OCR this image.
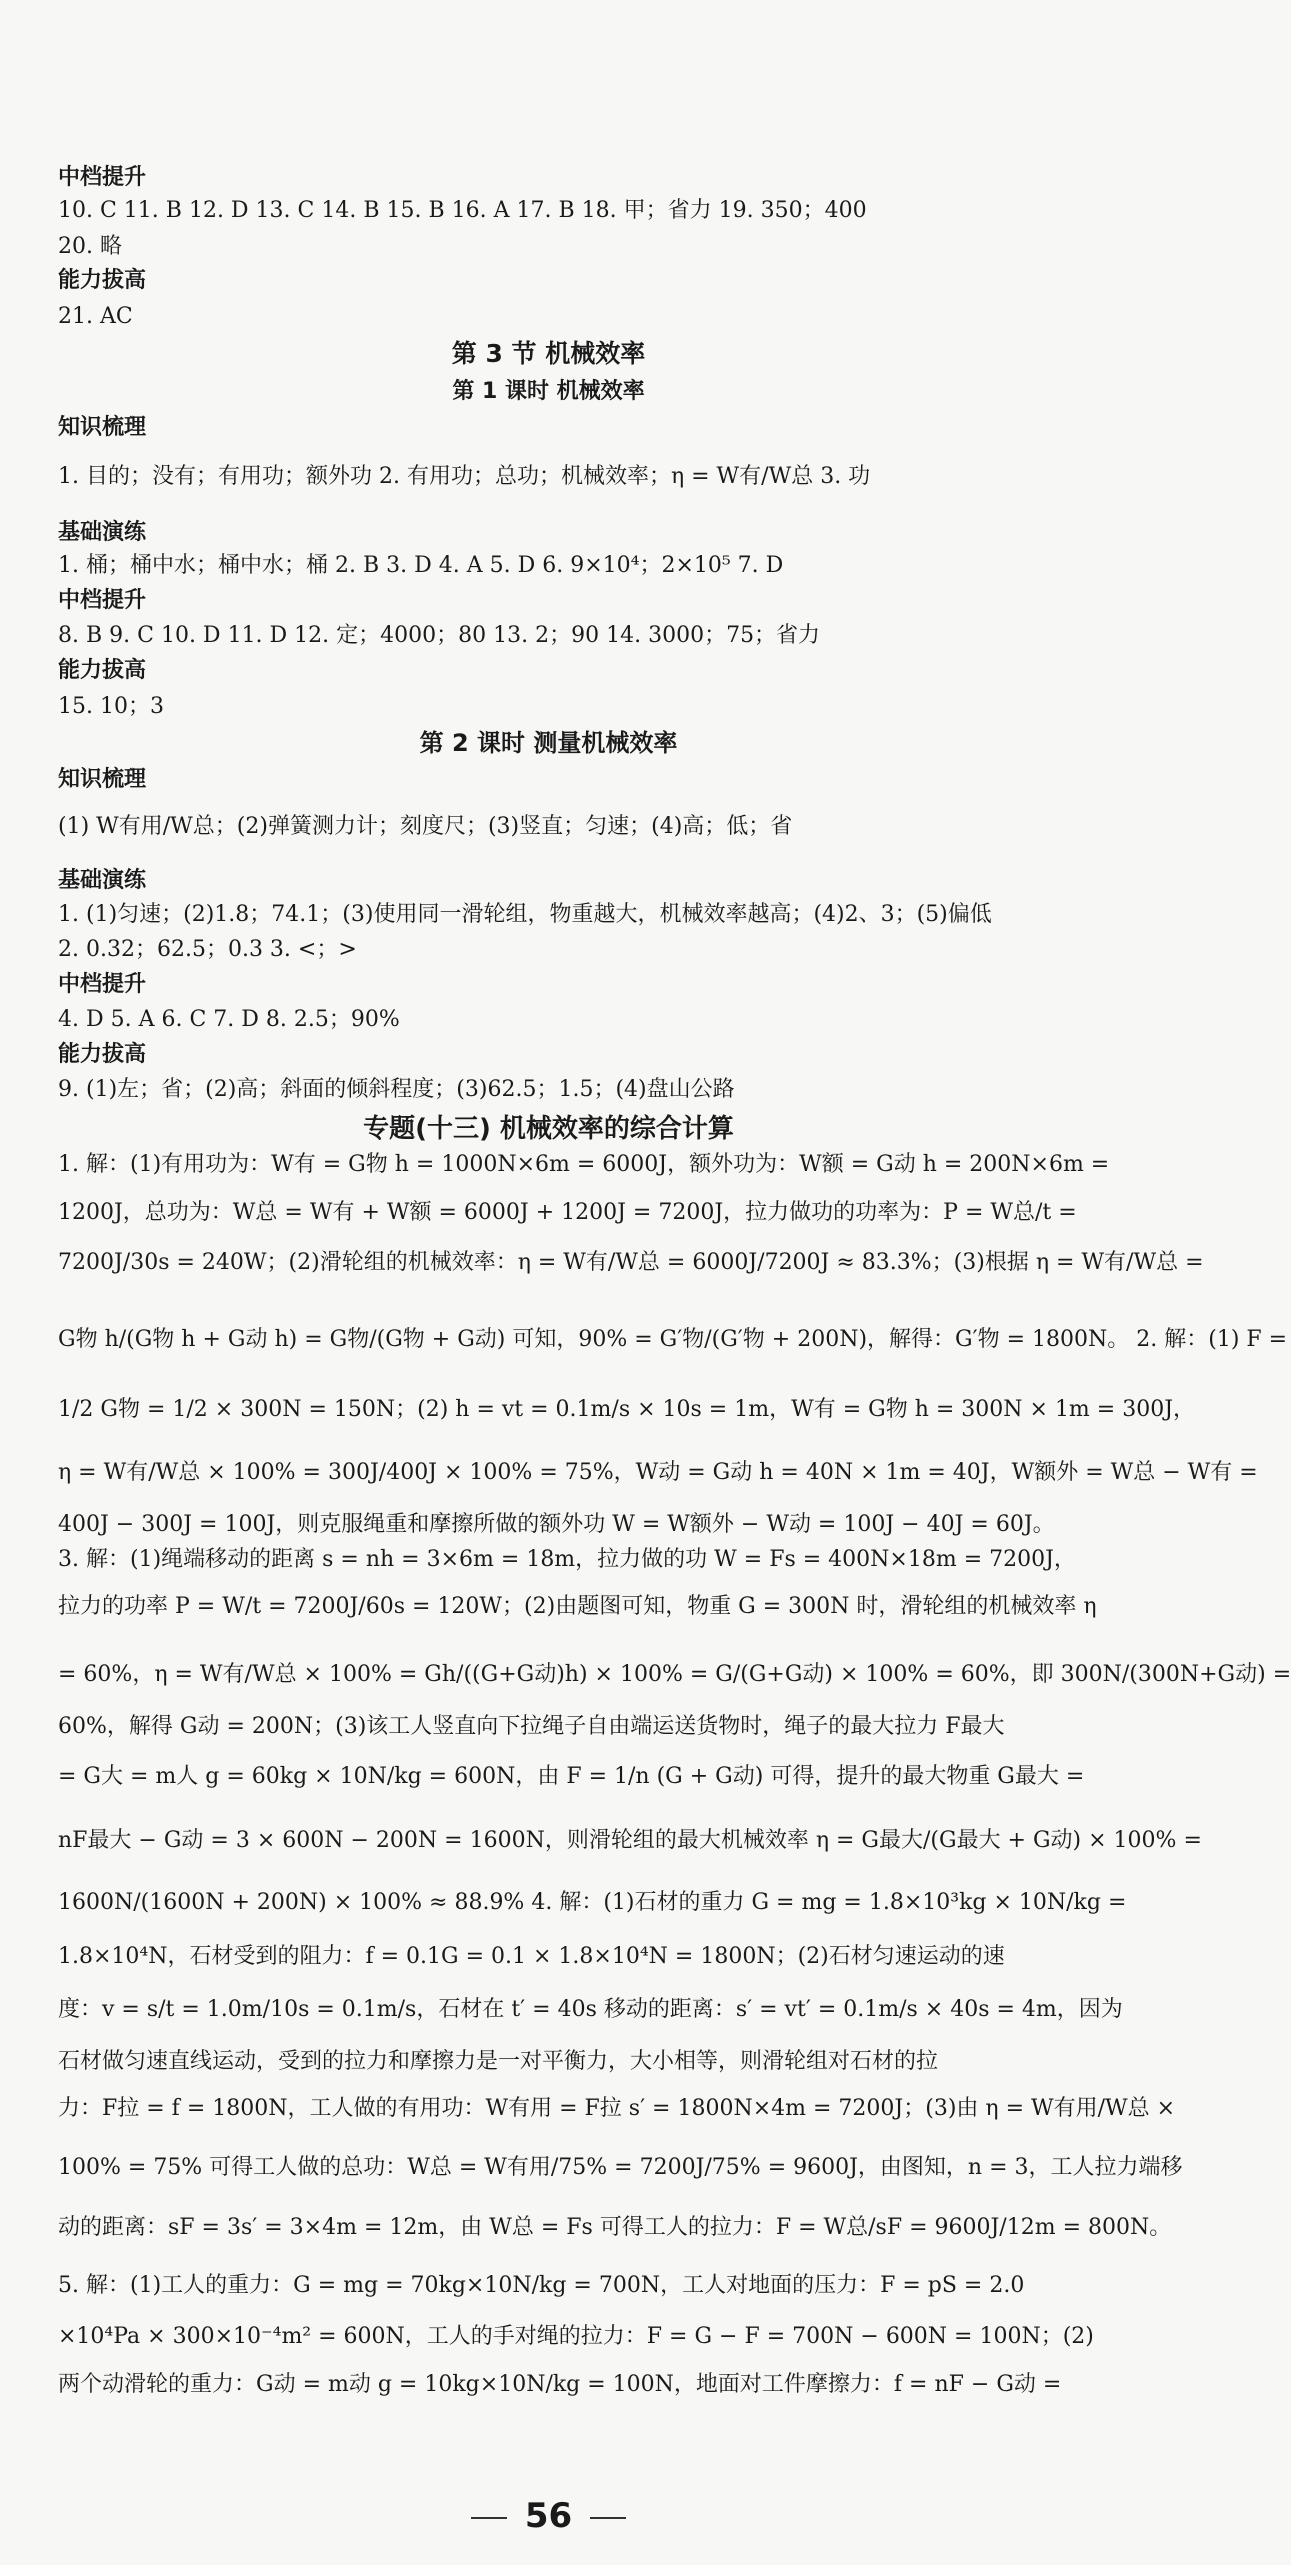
中档提升
10. C 11. B 12. D 13. C 14. B 15. B 16. A 17. B 18. 甲；省力 19. 350；400
20. 略
能力拔高
21. AC
知识梳理
1. 目的；没有；有用功；额外功 2. 有用功；总功；机械效率；η = W有/W总 3. 功
基础演练
1. 桶；桶中水；桶中水；桶 2. B 3. D 4. A 5. D 6. 9×10⁴；2×10⁵ 7. D
中档提升
8. B 9. C 10. D 11. D 12. 定；4000；80 13. 2；90 14. 3000；75；省力
能力拔高
15. 10；3
知识梳理
(1) W有用/W总；(2)弹簧测力计；刻度尺；(3)竖直；匀速；(4)高；低；省
基础演练
1. (1)匀速；(2)1.8；74.1；(3)使用同一滑轮组，物重越大，机械效率越高；(4)2、3；(5)偏低
2. 0.32；62.5；0.3 3. <；>
中档提升
4. D 5. A 6. C 7. D 8. 2.5；90%
能力拔高
9. (1)左；省；(2)高；斜面的倾斜程度；(3)62.5；1.5；(4)盘山公路
1. 解：(1)有用功为：W有 = G物 h = 1000N×6m = 6000J，额外功为：W额 = G动 h = 200N×6m =
1200J，总功为：W总 = W有 + W额 = 6000J + 1200J = 7200J，拉力做功的功率为：P = W总/t =
7200J/30s = 240W；(2)滑轮组的机械效率：η = W有/W总 = 6000J/7200J ≈ 83.3%；(3)根据 η = W有/W总 =
G物 h/(G物 h + G动 h) = G物/(G物 + G动) 可知，90% = G′物/(G′物 + 200N)，解得：G′物 = 1800N。 2. 解：(1) F =
1/2 G物 = 1/2 × 300N = 150N；(2) h = vt = 0.1m/s × 10s = 1m，W有 = G物 h = 300N × 1m = 300J，
η = W有/W总 × 100% = 300J/400J × 100% = 75%，W动 = G动 h = 40N × 1m = 40J，W额外 = W总 − W有 =
400J − 300J = 100J，则克服绳重和摩擦所做的额外功 W = W额外 − W动 = 100J − 40J = 60J。
3. 解：(1)绳端移动的距离 s = nh = 3×6m = 18m，拉力做的功 W = Fs = 400N×18m = 7200J，
拉力的功率 P = W/t = 7200J/60s = 120W；(2)由题图可知，物重 G = 300N 时，滑轮组的机械效率 η
= 60%，η = W有/W总 × 100% = Gh/((G+G动)h) × 100% = G/(G+G动) × 100% = 60%，即 300N/(300N+G动) =
60%，解得 G动 = 200N；(3)该工人竖直向下拉绳子自由端运送货物时，绳子的最大拉力 F最大
= G大 = m人 g = 60kg × 10N/kg = 600N，由 F = 1/n (G + G动) 可得，提升的最大物重 G最大 =
nF最大 − G动 = 3 × 600N − 200N = 1600N，则滑轮组的最大机械效率 η = G最大/(G最大 + G动) × 100% =
1600N/(1600N + 200N) × 100% ≈ 88.9% 4. 解：(1)石材的重力 G = mg = 1.8×10³kg × 10N/kg =
1.8×10⁴N，石材受到的阻力：f = 0.1G = 0.1 × 1.8×10⁴N = 1800N；(2)石材匀速运动的速
度：v = s/t = 1.0m/10s = 0.1m/s，石材在 t′ = 40s 移动的距离：s′ = vt′ = 0.1m/s × 40s = 4m，因为
石材做匀速直线运动，受到的拉力和摩擦力是一对平衡力，大小相等，则滑轮组对石材的拉
力：F拉 = f = 1800N，工人做的有用功：W有用 = F拉 s′ = 1800N×4m = 7200J；(3)由 η = W有用/W总 ×
100% = 75% 可得工人做的总功：W总 = W有用/75% = 7200J/75% = 9600J，由图知，n = 3，工人拉力端移
动的距离：sF = 3s′ = 3×4m = 12m，由 W总 = Fs 可得工人的拉力：F = W总/sF = 9600J/12m = 800N。
5. 解：(1)工人的重力：G = mg = 70kg×10N/kg = 700N，工人对地面的压力：F = pS = 2.0
×10⁴Pa × 300×10⁻⁴m² = 600N，工人的手对绳的拉力：F = G − F = 700N − 600N = 100N；(2)
两个动滑轮的重力：G动 = m动 g = 10kg×10N/kg = 100N，地面对工件摩擦力：f = nF − G动 =
第 3 节 机械效率
第 1 课时 机械效率
第 2 课时 测量机械效率
专题(十三) 机械效率的综合计算
56
